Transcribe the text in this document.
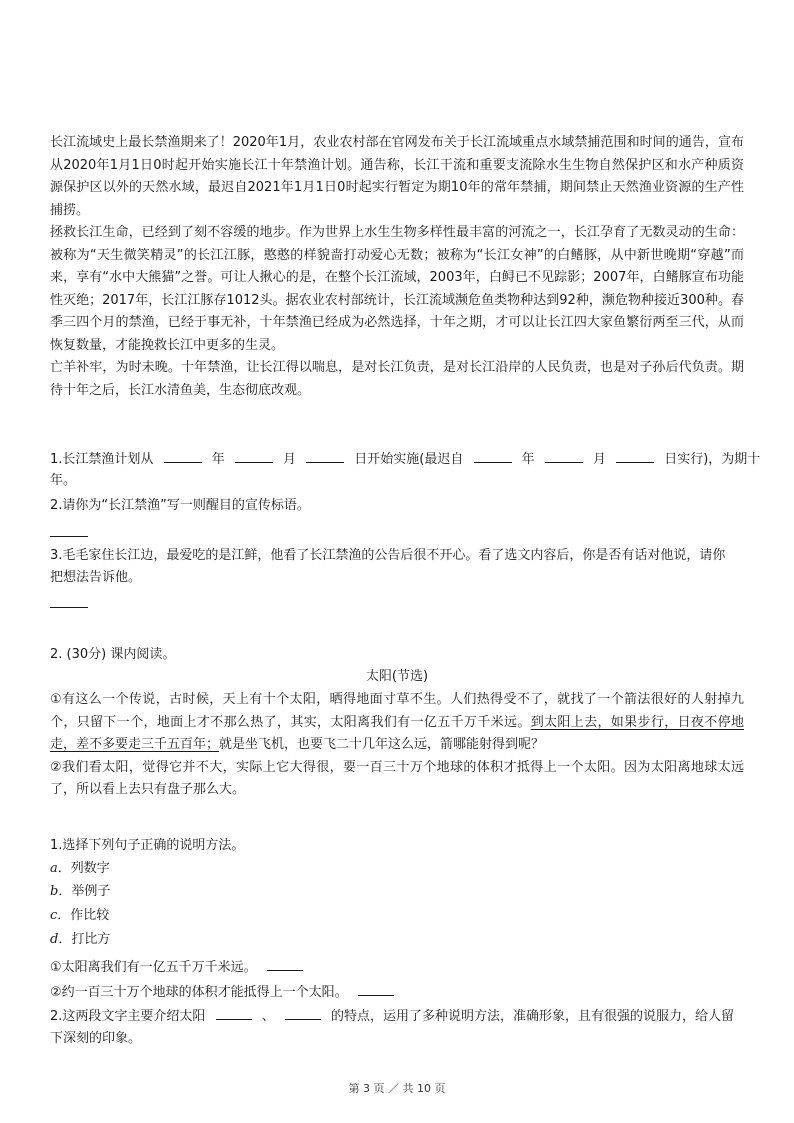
长江流域史上最长禁渔期来了！2020年1月，农业农村部在官网发布关于长江流域重点水域禁捕范围和时间的通告，宣布从2020年1月1日0时起开始实施长江十年禁渔计划。通告称，长江干流和重要支流除水生生物自然保护区和水产种质资源保护区以外的天然水域，最迟自2021年1月1日0时起实行暂定为期10年的常年禁捕，期间禁止天然渔业资源的生产性捕捞。

拯救长江生命，已经到了刻不容缓的地步。作为世界上水生生物多样性最丰富的河流之一，长江孕育了无数灵动的生命：被称为“天生微笑精灵”的长江江豚，憨憨的样貌啬打动爱心无数；被称为“长江女神”的白鳍豚，从中新世晚期“穿越”而来，享有“水中大熊猫”之誉。可让人揪心的是，在整个长江流域，2003年，白鲟已不见踪影；2007年，白鳍豚宣布功能性灭绝；2017年，长江江豚存1012头。据农业农村部统计，长江流域濒危鱼类物种达到92种，濒危物种接近300种。春季三四个月的禁渔，已经于事无补，十年禁渔已经成为必然选择，十年之期，才可以让长江四大家鱼繁衍两至三代，从而恢复数量，才能挽救长江中更多的生灵。

亡羊补牢，为时未晚。十年禁渔，让长江得以喘息，是对长江负责，是对长江沿岸的人民负责，也是对子孙后代负责。期待十年之后，长江水清鱼美，生态彻底改观。

1.长江禁渔计划从	年	月	日开始实施(最迟自	年	月	日实行)，为期十
年。
2.请你为“长江禁渔”写一则醒目的宣传标语。
3.毛毛家住长江边，最爱吃的是江鲜，他看了长江禁渔的公告后很不开心。看了选文内容后，你是否有话对他说，请你
把想法告诉他。
2. (30分) 课内阅读。
太阳(节选)

①有这么一个传说，古时候，天上有十个太阳，晒得地面寸草不生。人们热得受不了，就找了一个箭法很好的人射掉九个，只留下一个，地面上才不那么热了，其实，太阳离我们有一亿五千万千米远。到太阳上去，如果步行，日夜不停地走，差不多要走三千五百年；就是坐飞机，也要飞二十几年这么远，箭哪能射得到呢？

②我们看太阳，觉得它并不大，实际上它大得很，要一百三十万个地球的体积才抵得上一个太阳。因为太阳离地球太远了，所以看上去只有盘子那么大。

1.选择下列句子正确的说明方法。
a．列数字
b．举例子
c．作比较
d．打比方
①太阳离我们有一亿五千万千米远。
②约一百三十万个地球的体积才能抵得上一个太阳。
2.这两段文字主要介绍太阳	、	的特点，运用了多种说明方法，准确形象，且有很强的说服力，给人留
下深刻的印象。
第 3 页 ／ 共 10 页
